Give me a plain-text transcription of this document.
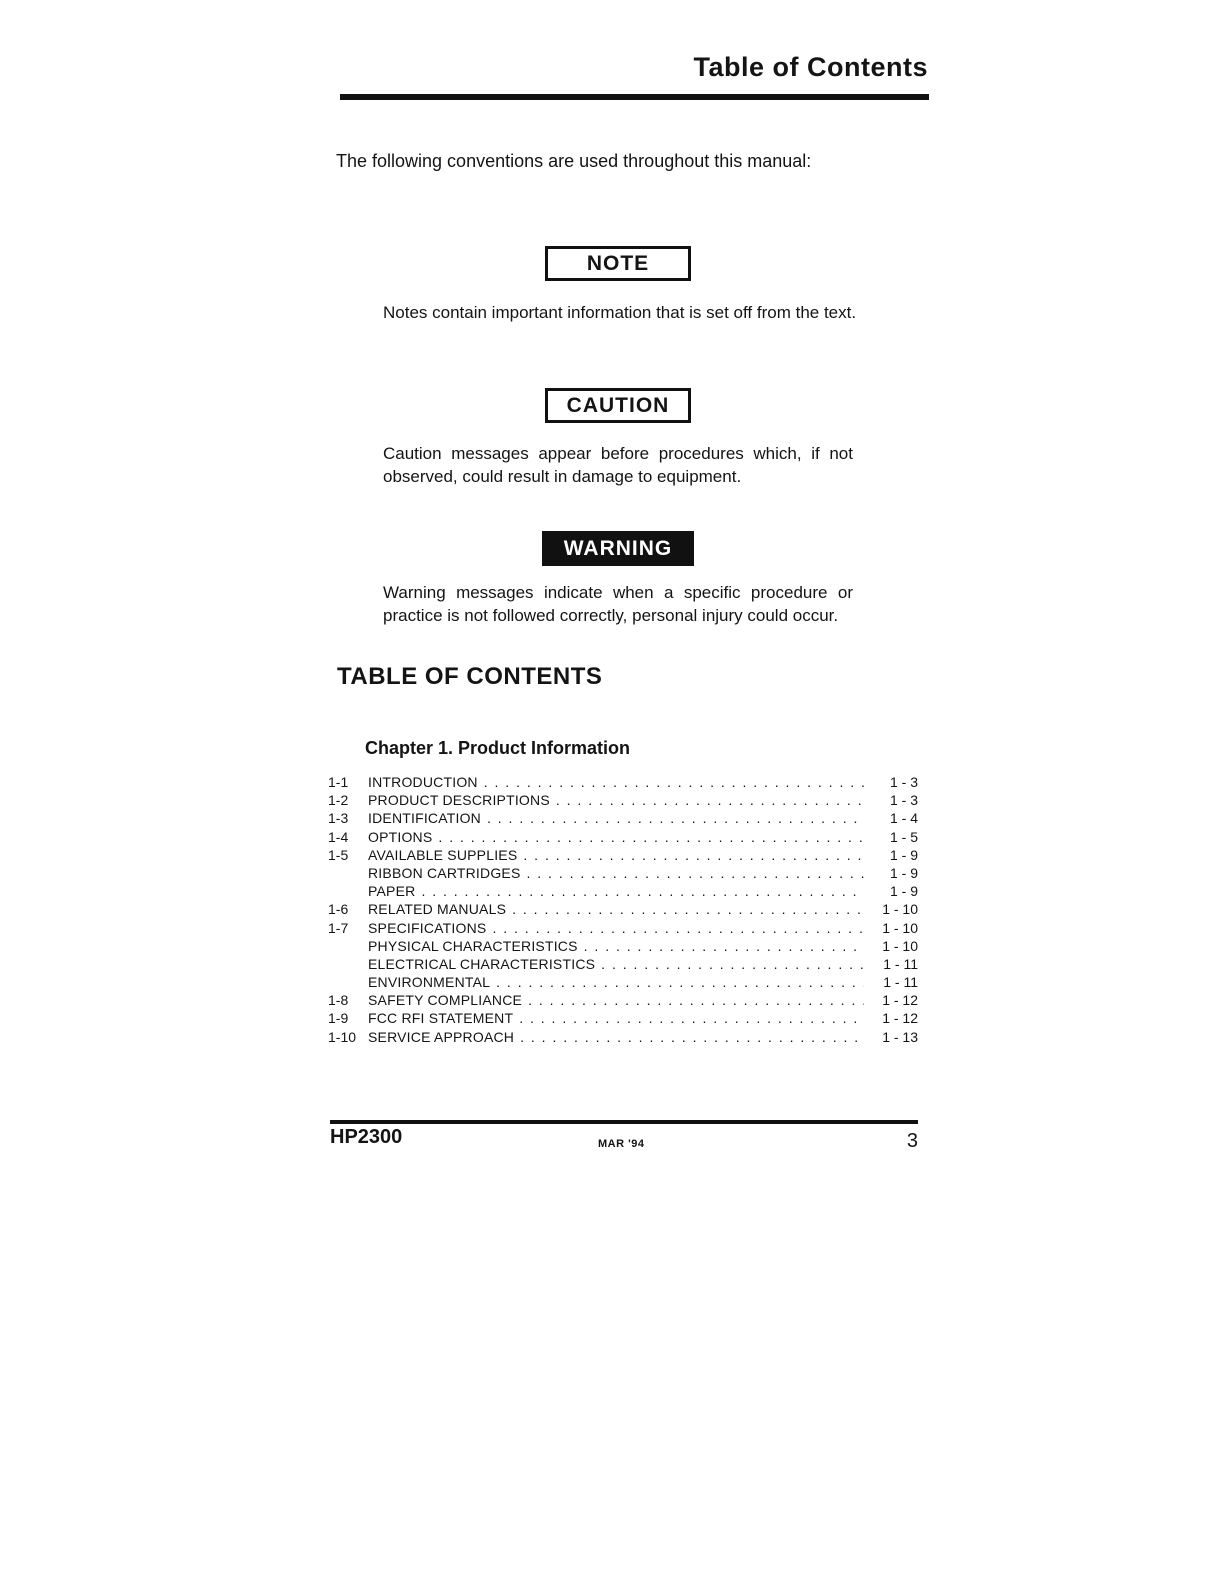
Table of Contents

The following conventions are used throughout this manual:

NOTE

Notes contain important information that is set off from the text.

CAUTION

Caution messages appear before procedures which, if not observed, could result in damage to equipment.

WARNING

Warning messages indicate when a specific procedure or practice is not followed correctly, personal injury could occur.

TABLE OF CONTENTS
Chapter 1. Product Information
1-1	INTRODUCTION . . .	1 - 3
1-2	PRODUCT DESCRIPTIONS . . .	1 - 3
1-3	IDENTIFICATION . . .	1 - 4
1-4	OPTIONS . . .	1 - 5
1-5	AVAILABLE SUPPLIES . . .	1 - 9
RIBBON CARTRIDGES . . .	1 - 9
PAPER . . .	1 - 9
1-6	RELATED MANUALS . . .	1 - 10
1-7	SPECIFICATIONS . . .	1 - 10
PHYSICAL CHARACTERISTICS . . .	1 - 10
ELECTRICAL CHARACTERISTICS . . .	1 - 11
ENVIRONMENTAL . . .	1 - 11
1-8	SAFETY COMPLIANCE . . .	1 - 12
1-9	FCC RFI STATEMENT . . .	1 - 12
1-10 SERVICE APPROACH . . .	1 - 13
HP2300	MAR '94	3
